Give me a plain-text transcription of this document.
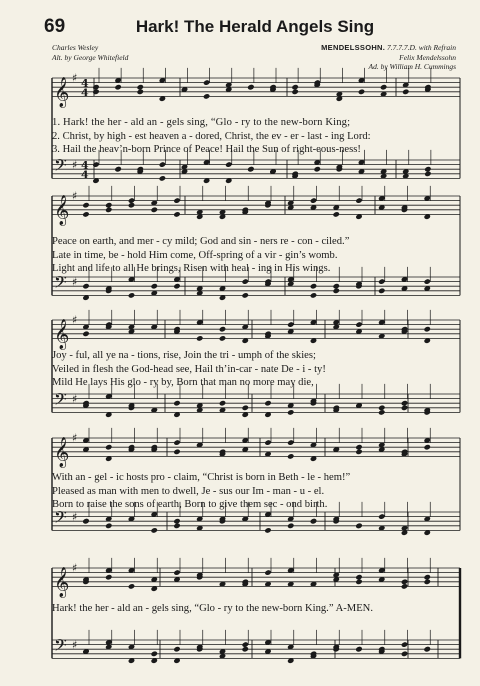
69	Hark! The Herald Angels Sing
Charles Wesley
Alt. by George Whitefield
MENDELSSOHN. 7.7.7.7.D. with Refrain
Felix Mendelssohn
Ad. by William H. Cummings
𝄞 ♯ 4
4
𝄢 ♯ 4
4
𝄞 ♯
𝄢 ♯
𝄞 ♯
𝄢 ♯
𝄞 ♯
𝄢 ♯
𝄞 ♯
𝄢 ♯
1. Hark! the her - ald an - gels sing, “Glo - ry to the new-born King;
2. Christ, by high - est heaven a - dored, Christ, the ev - er - last - ing Lord:
3. Hail the heav’n-born Prince of Peace! Hail the Sun of right-eous-ness!
Peace on earth, and mer - cy mild; God and sin - ners re - con - ciled.”
Late in time, be - hold Him come, Off-spring of a vir - gin’s womb.
Light and life to all He brings, Risen with heal - ing in His wings.
Joy - ful, all ye na - tions, rise, Join the tri - umph of the skies;
Veiled in flesh the God-head see, Hail th’in-car - nate De - i - ty!
Mild He lays His glo - ry by, Born that man no more may die,
With an - gel - ic hosts pro - claim, “Christ is born in Beth - le - hem!”
Pleased as man with men to dwell, Je - sus our Im - man - u - el.
Born to raise the sons of earth, Born to give them sec - ond birth.
Hark! the her - ald an - gels sing, “Glo - ry to the new-born King.” A-MEN.
